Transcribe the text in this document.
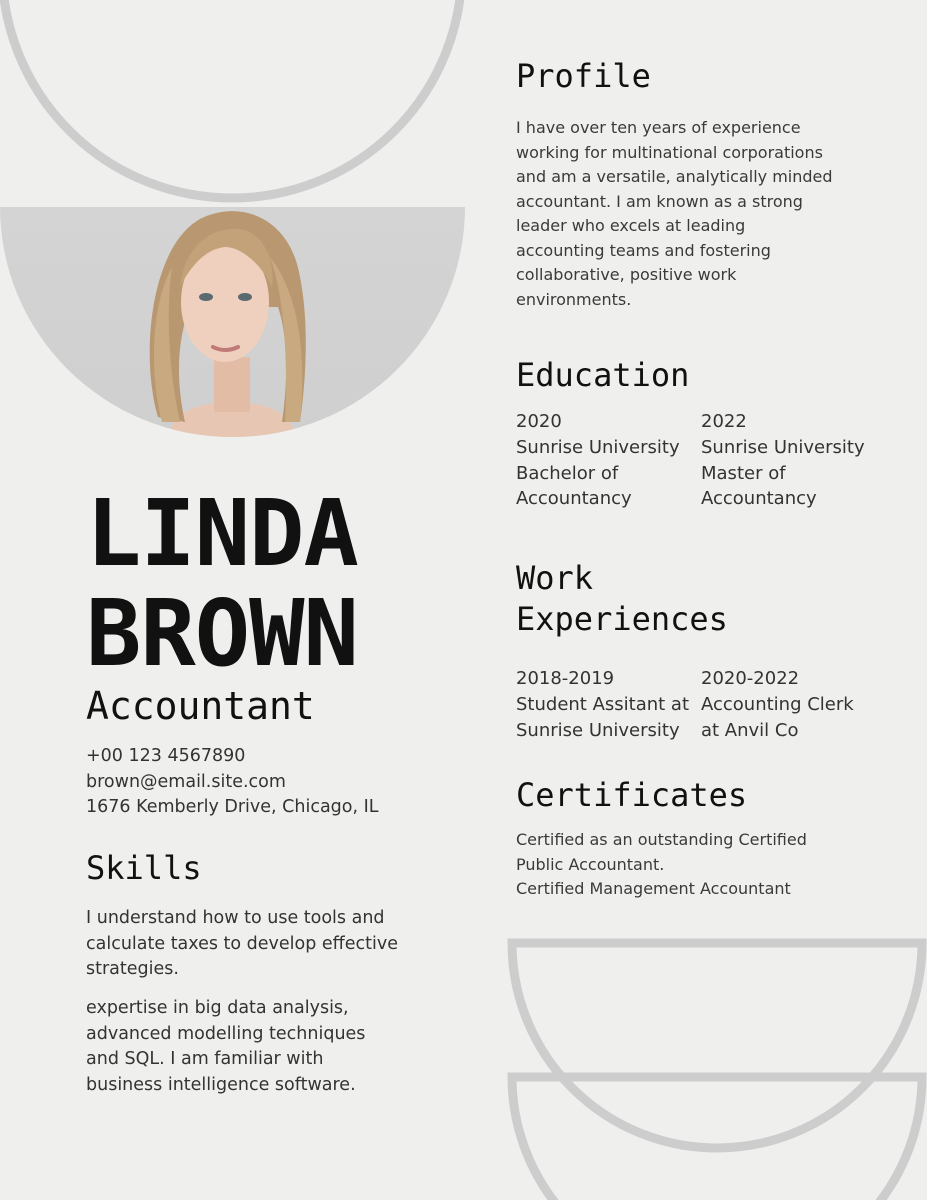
LINDA
BROWN

Accountant

+00 123 4567890
brown@email.site.com
1676 Kemberly Drive, Chicago, IL
Skills
I understand how to use tools and
calculate taxes to develop effective
strategies.
expertise in big data analysis,
advanced modelling techniques
and SQL. I am familiar with
business intelligence software.
Profile
I have over ten years of experience
working for multinational corporations
and am a versatile, analytically minded
accountant. I am known as a strong
leader who excels at leading
accounting teams and fostering
collaborative, positive work
environments.
Education
2020
Sunrise University
Bachelor of
Accountancy
2022
Sunrise University
Master of
Accountancy
Work
Experiences
2018-2019
Student Assitant at
Sunrise University
2020-2022
Accounting Clerk
at Anvil Co
Certificates
Certified as an outstanding Certified
Public Accountant.
Certified Management Accountant
